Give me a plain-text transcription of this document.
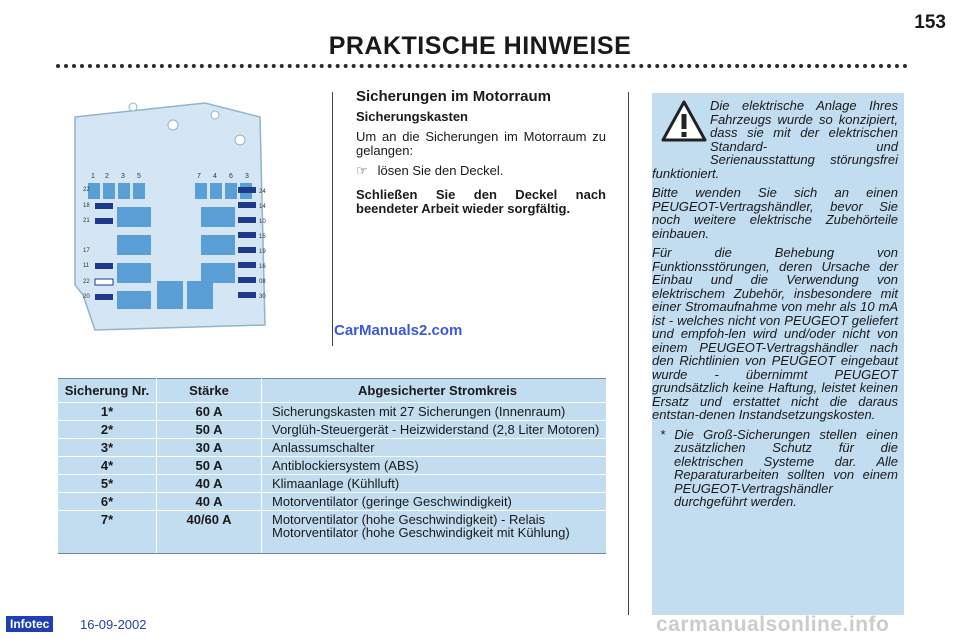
153
PRAKTISCHE HINWEISE
1 2 3 5	7 4 6 3
22
18
21
17
11
22
20
24
14
10
15
19
16
08
30
Sicherungen im Motorraum
Sicherungskasten

Um an die Sicherungen im Motorraum zu gelangen:

☞ lösen Sie den Deckel.

Schließen Sie den Deckel nach beendeter Arbeit wieder sorgfältig.

CarManuals2.com
Sicherung Nr.	Stärke	Abgesicherter Stromkreis
1*	60 A	Sicherungskasten mit 27 Sicherungen (Innenraum)
2*	50 A	Vorglüh-Steuergerät - Heizwiderstand (2,8 Liter Motoren)
3*	30 A	Anlassumschalter
4*	50 A	Antiblockiersystem (ABS)
5*	40 A	Klimaanlage (Kühlluft)
6*	40 A	Motorventilator (geringe Geschwindigkeit)
7*	40/60 A	Motorventilator (hohe Geschwindigkeit) - Relais Motorventilator (hohe Geschwindigkeit mit Kühlung)

Die elektrische Anlage Ihres Fahrzeugs wurde so konzipiert, dass sie mit der elektrischen Standard- und Serienausstattung störungsfrei funktioniert.

Bitte wenden Sie sich an einen PEUGEOT-Vertragshändler, bevor Sie noch weitere elektrische Zubehörteile einbauen.

Für die Behebung von Funktionsstörungen, deren Ursache der Einbau und die Verwendung von elektrischem Zubehör, insbesondere mit einer Stromaufnahme von mehr als 10 mA ist - welches nicht von PEUGEOT geliefert und empfoh-len wird und/oder nicht von einem PEUGEOT-Vertragshändler nach den Richtlinien von PEUGEOT eingebaut wurde - übernimmt PEUGEOT grundsätzlich keine Haftung, leistet keinen Ersatz und erstattet nicht die daraus entstan-denen Instandsetzungskosten.

* Die Groß-Sicherungen stellen einen zusätzlichen Schutz für die elektrischen Systeme dar. Alle Reparaturarbeiten sollten von einem PEUGEOT-Vertragshändler durchgeführt werden.

Infotec	16-09-2002	carmanualsonline.info
